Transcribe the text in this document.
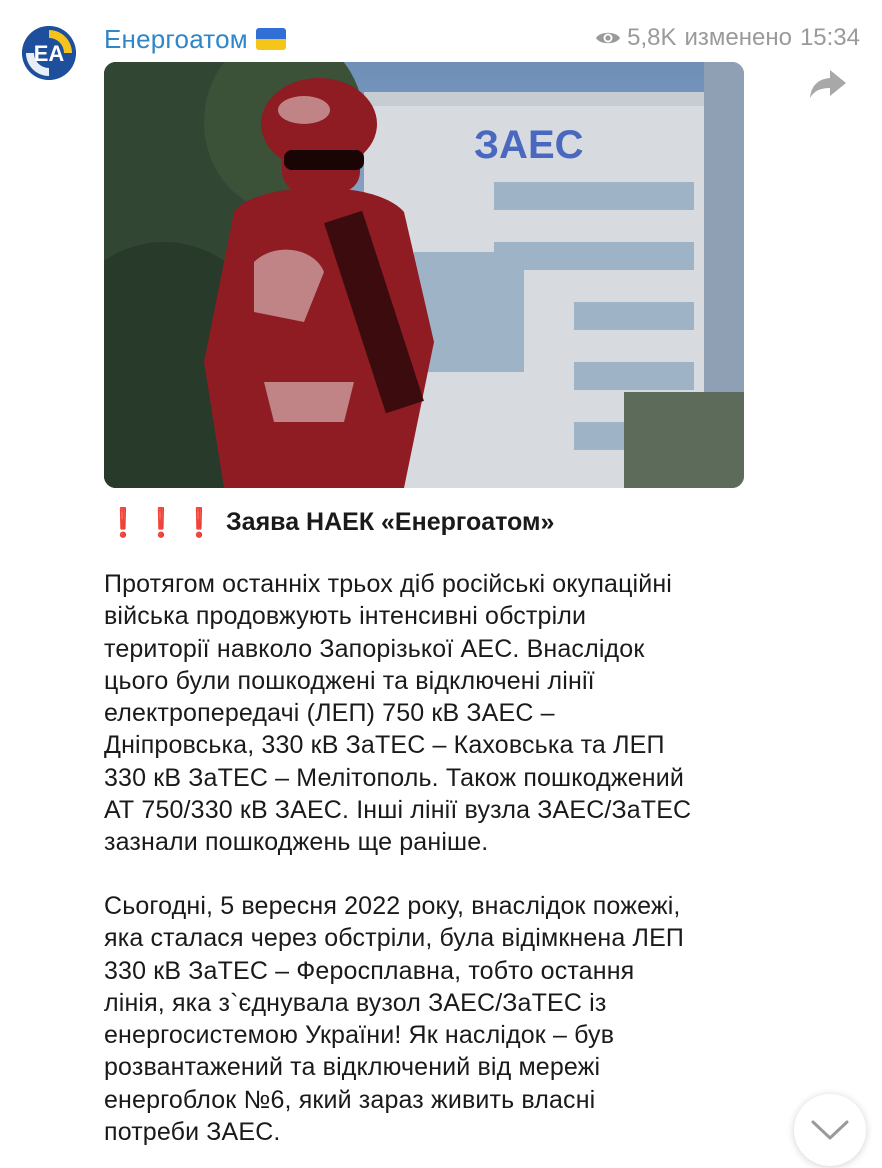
EA Енергоатом	5,8K изменено 15:34
ЗАЕС
❗ ❗ ❗ Заява НАЕК «Енергоатом»
Протягом останніх трьох діб російські окупаційні
війська продовжують інтенсивні обстріли
території навколо Запорізької АЕС. Внаслідок
цього були пошкоджені та відключені лінії
електропередачі (ЛЕП) 750 кВ ЗАЕС –
Дніпровська, 330 кВ ЗаТЕС – Каховська та ЛЕП
330 кВ ЗаТЕС – Мелітополь. Також пошкоджений
АТ 750/330 кВ ЗАЕС. Інші лінії вузла ЗАЕС/ЗаТЕС
зазнали пошкоджень ще раніше.
Сьогодні, 5 вересня 2022 року, внаслідок пожежі,
яка сталася через обстріли, була відімкнена ЛЕП
330 кВ ЗаТЕС – Феросплавна, тобто остання
лінія, яка з`єднувала вузол ЗАЕС/ЗаТЕС із
енергосистемою України! Як наслідок – був
розвантажений та відключений від мережі
енергоблок №6, який зараз живить власні
потреби ЗАЕС.
